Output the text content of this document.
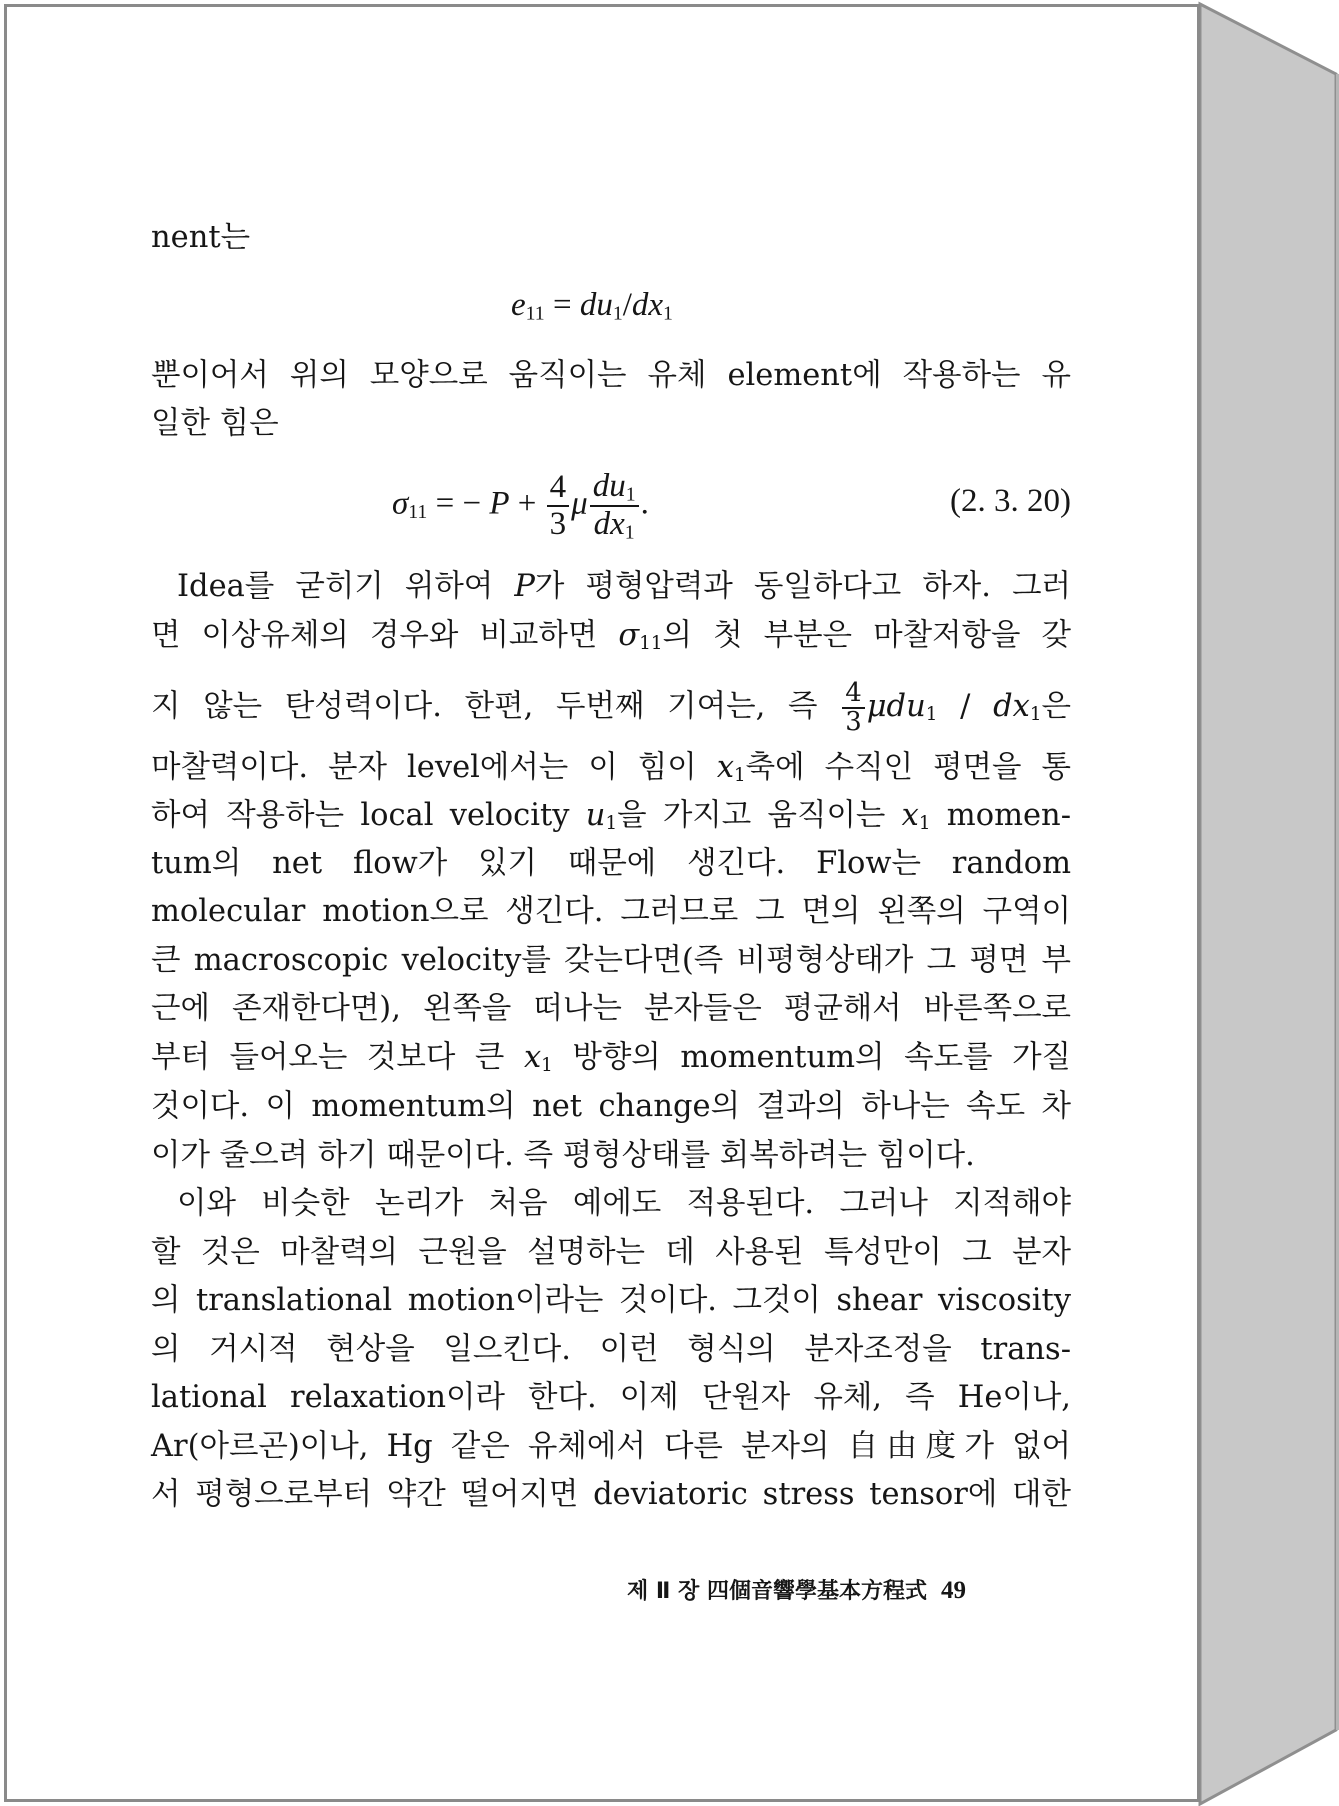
nent는
$e_{11} = du_1/dx_1$
뿐이어서 위의 모양으로 움직이는 유체 element에 작용하는 유
일한 힘은
$\sigma_{11}$ = − $P + \frac{4}{3}$ μ $\frac{du_1}{dx_1}$ .	(2. 3. 20)
Idea를 굳히기 위하여 P가 평형압력과 동일하다고 하자. 그러
면 이상유체의 경우와 비교하면 $\sigma_{11}$의 첫 부분은 마찰저항을 갖
지 않는 탄성력이다. 한편, 두번째 기여는, 즉 $\frac{4}{3} \mu du_1 / dx_1$은
마찰력이다. 분자 level에서는 이 힘이 $x_1$축에 수직인 평면을 통
하여 작용하는 local velocity $u_1$을 가지고 움직이는 $x_1$ momen-
tum의 net flow가 있기 때문에 생긴다. Flow는 random
molecular motion으로 생긴다. 그러므로 그 면의 왼쪽의 구역이
큰 macroscopic velocity를 갖는다면(즉 비평형상태가 그 평면 부
근에 존재한다면), 왼쪽을 떠나는 분자들은 평균해서 바른쪽으로
부터 들어오는 것보다 큰 $x_1$ 방향의 momentum의 속도를 가질
것이다. 이 momentum의 net change의 결과의 하나는 속도 차
이가 줄으려 하기 때문이다. 즉 평형상태를 회복하려는 힘이다.
이와 비슷한 논리가 처음 예에도 적용된다. 그러나 지적해야
할 것은 마찰력의 근원을 설명하는 데 사용된 특성만이 그 분자
의 translational motion이라는 것이다. 그것이 shear viscosity
의 거시적 현상을 일으킨다. 이런 형식의 분자조정을 trans-
lational relaxation이라 한다. 이제 단원자 유체, 즉 He이나,
Ar(아르곤)이나, Hg 같은 유체에서 다른 분자의 自由度가 없어
서 평형으로부터 약간 떨어지면 deviatoric stress tensor에 대한
제 Ⅱ 장 四個音響學基本方程式 49
